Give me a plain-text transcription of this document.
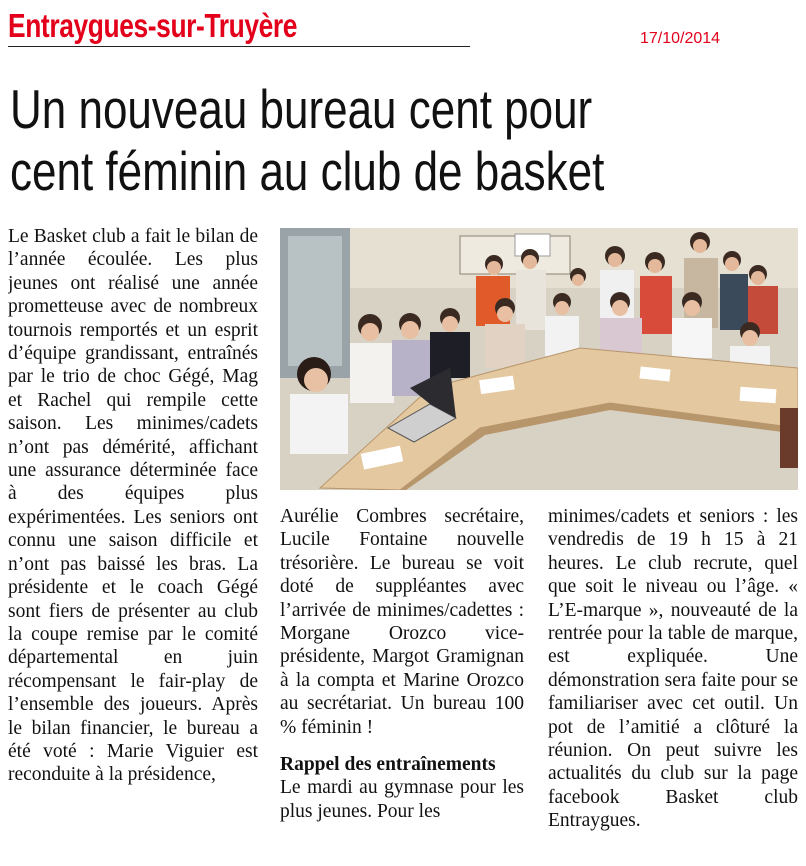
Entraygues-sur-Truyère	17/10/2014
Un nouveau bureau cent pour
cent féminin au club de basket

Le Basket club a fait le bilan de l’année écoulée. Les plus jeunes ont réalisé une année prometteuse avec de nombreux tournois remportés et un esprit d’équipe grandissant, entraînés par le trio de choc Gégé, Mag et Rachel qui rempile cette saison. Les minimes/cadets n’ont pas démérité, affichant une assurance déterminée face à des équipes plus expérimentées. Les seniors ont connu une saison difficile et n’ont pas baissé les bras. La présidente et le coach Gégé sont fiers de présenter au club la coupe remise par le comité départemental en juin récompensant le fair-play de l’ensemble des joueurs. Après le bilan financier, le bureau a été voté : Marie Viguier est reconduite à la présidence,

Aurélie Combres secrétaire, Lucile Fontaine nouvelle trésorière. Le bureau se voit doté de suppléantes avec l’arrivée de minimes/cadettes : Morgane Orozco vice-présidente, Margot Gramignan à la compta et Marine Orozco au secrétariat. Un bureau 100 % féminin !

Rappel des entraînements

Le mardi au gymnase pour les plus jeunes. Pour les

minimes/cadets et seniors : les vendredis de 19 h 15 à 21 heures. Le club recrute, quel que soit le niveau ou l’âge. « L’E-marque », nouveauté de la rentrée pour la table de marque, est expliquée. Une démonstration sera faite pour se familiariser avec cet outil. Un pot de l’amitié a clôturé la réunion. On peut suivre les actualités du club sur la page facebook Basket club Entraygues.
